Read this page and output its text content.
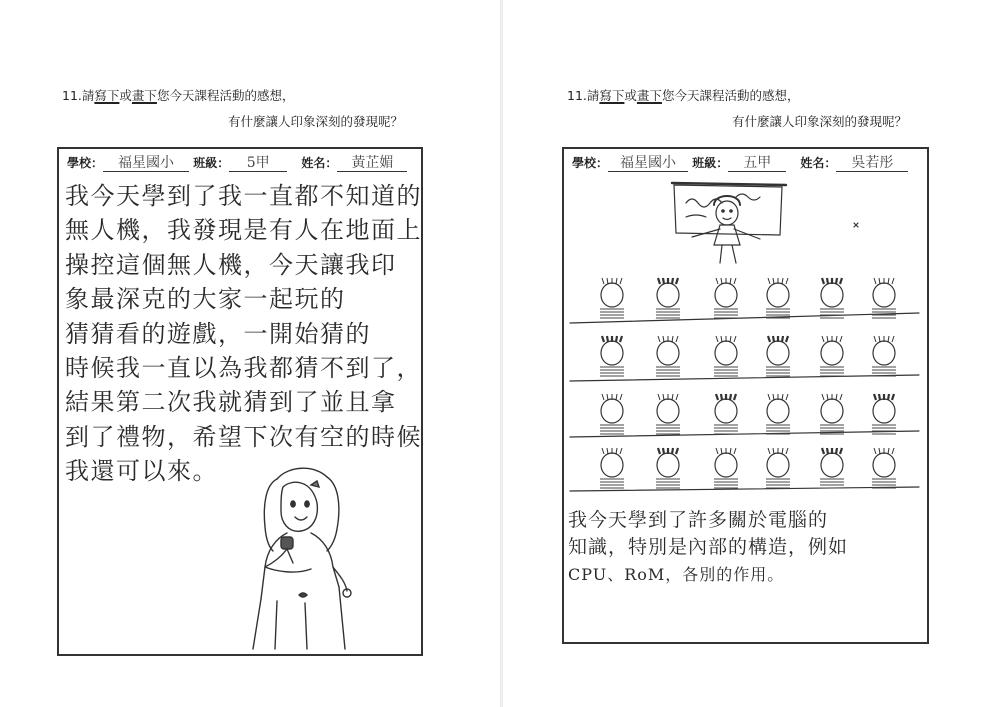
11.請寫下或畫下您今天課程活動的感想，
有什麼讓人印象深刻的發現呢？
學校： 福星國小 班級： 5甲	姓名： 黃芷媚
我今天學到了我一直都不知道的
無人機，我發現是有人在地面上
操控這個無人機，今天讓我印
象最深克的大家一起玩的
猜猜看的遊戲，一開始猜的
時候我一直以為我都猜不到了，
結果第二次我就猜到了並且拿
到了禮物，希望下次有空的時候
我還可以來。
11.請寫下或畫下您今天課程活動的感想，
有什麼讓人印象深刻的發現呢？
學校： 福星國小 班級： 五甲 姓名： 吳若彤
我今天學到了許多關於電腦的
知識，特別是內部的構造，例如
CPU、RoM，各別的作用。
